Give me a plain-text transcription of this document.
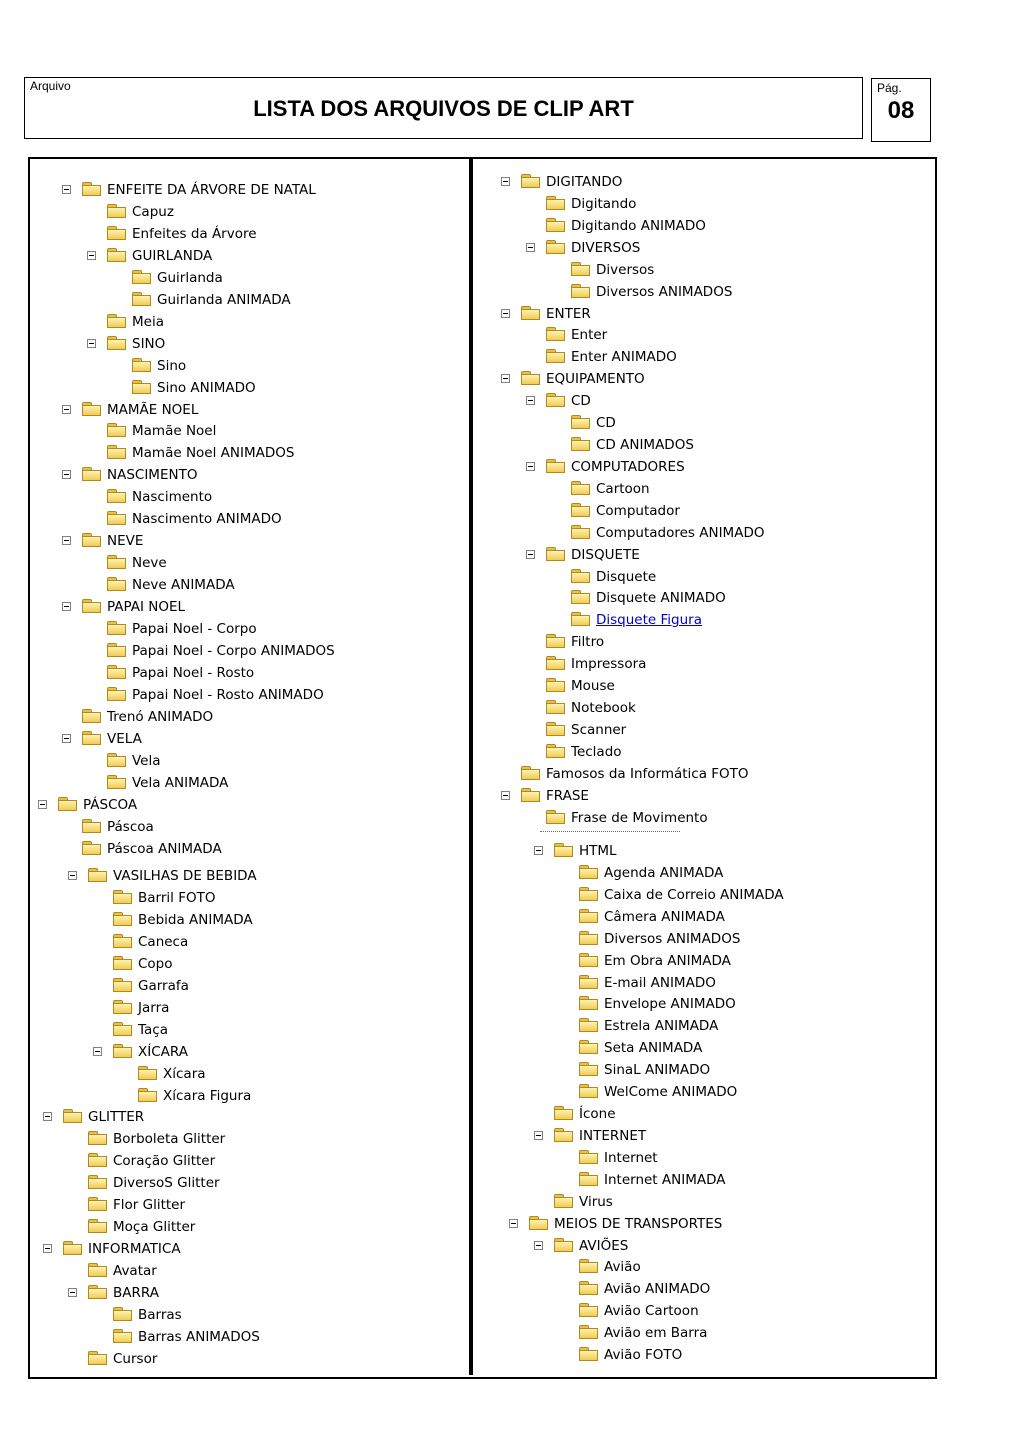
Arquivo
LISTA DOS ARQUIVOS DE CLIP ART
Pág.
08
ENFEITE DA ÁRVORE DE NATAL
Capuz
Enfeites da Árvore
GUIRLANDA
Guirlanda
Guirlanda ANIMADA
Meia
SINO
Sino
Sino ANIMADO
MAMÃE NOEL
Mamãe Noel
Mamãe Noel ANIMADOS
NASCIMENTO
Nascimento
Nascimento ANIMADO
NEVE
Neve
Neve ANIMADA
PAPAI NOEL
Papai Noel - Corpo
Papai Noel - Corpo ANIMADOS
Papai Noel - Rosto
Papai Noel - Rosto ANIMADO
Trenó ANIMADO
VELA
Vela
Vela ANIMADA
PÁSCOA
Páscoa
Páscoa ANIMADA
VASILHAS DE BEBIDA
Barril FOTO
Bebida ANIMADA
Caneca
Copo
Garrafa
Jarra
Taça
XÍCARA
Xícara
Xícara Figura
GLITTER
Borboleta Glitter
Coração Glitter
DiversoS Glitter
Flor Glitter
Moça Glitter
INFORMATICA
Avatar
BARRA
Barras
Barras ANIMADOS
Cursor
DIGITANDO
Digitando
Digitando ANIMADO
DIVERSOS
Diversos
Diversos ANIMADOS
ENTER
Enter
Enter ANIMADO
EQUIPAMENTO
CD
CD
CD ANIMADOS
COMPUTADORES
Cartoon
Computador
Computadores ANIMADO
DISQUETE
Disquete
Disquete ANIMADO
Disquete Figura
Filtro
Impressora
Mouse
Notebook
Scanner
Teclado
Famosos da Informática FOTO
FRASE
Frase de Movimento
HTML
Agenda ANIMADA
Caixa de Correio ANIMADA
Câmera ANIMADA
Diversos ANIMADOS
Em Obra ANIMADA
E-mail ANIMADO
Envelope ANIMADO
Estrela ANIMADA
Seta ANIMADA
SinaL ANIMADO
WelCome ANIMADO
Ícone
INTERNET
Internet
Internet ANIMADA
Virus
MEIOS DE TRANSPORTES
AVIÕES
Avião
Avião ANIMADO
Avião Cartoon
Avião em Barra
Avião FOTO
